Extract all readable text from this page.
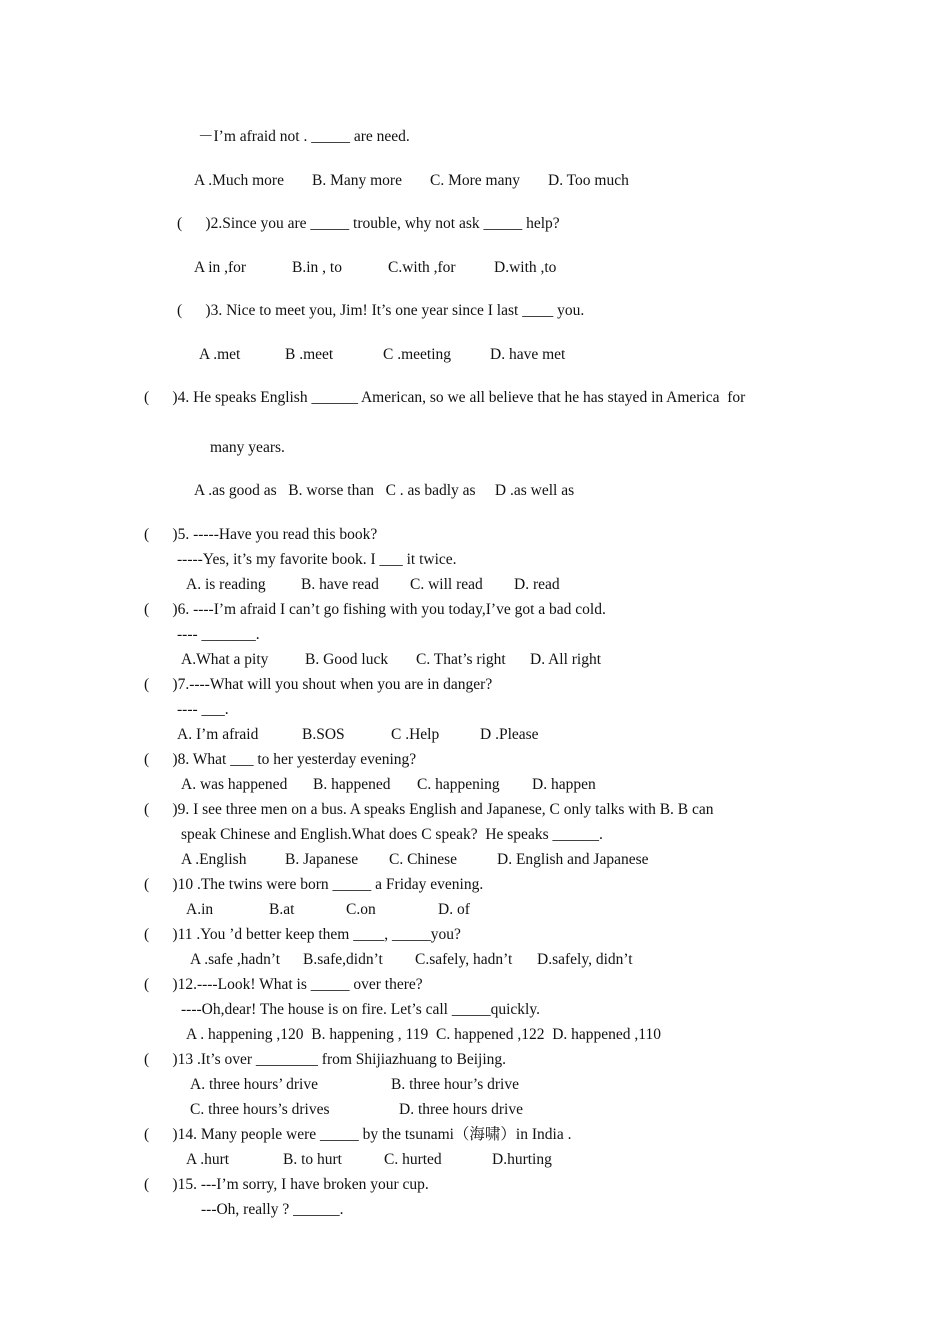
－I’m afraid not . _____ are need.
A .Much more B. Many more C. More many D. Too much
(      )2.Since you are _____ trouble, why not ask _____ help?
A in ,for	B.in , to	C.with ,for D.with ,to
(      )3. Nice to meet you, Jim! It’s one year since I last ____ you.
A .met	B .meet	C .meeting	D. have met
(      )4. He speaks English ______ American, so we all believe that he has stayed in America  for
many years.
A .as good as   B. worse than   C . as badly as     D .as well as
(      )5. -----Have you read this book?
-----Yes, it’s my favorite book. I ___ it twice.
A. is reading B. have read C. will read D. read
(      )6. ----I’m afraid I can’t go fishing with you today,I’ve got a bad cold.
---- _______.
A.What a pity B. Good luck C. That’s right D. All right
(      )7.----What will you shout when you are in danger?
---- ___.
A. I’m afraid	B.SOS	C .Help	D .Please
(      )8. What ___ to her yesterday evening?
A. was happened B. happened C. happening D. happen
(      )9. I see three men on a bus. A speaks English and Japanese, C only talks with B. B can
speak Chinese and English.What does C speak?  He speaks ______.
A .English B. Japanese C. Chinese	D. English and Japanese
(      )10 .The twins were born _____ a Friday evening.
A.in	B.at	C.on	D. of
(      )11 .You ’d better keep them ____, _____you?
A .safe ,hadn’t B.safe,didn’t C.safely, hadn’t D.safely, didn’t
(      )12.----Look! What is _____ over there?
----Oh,dear! The house is on fire. Let’s call _____quickly.
A . happening ,120  B. happening , 119  C. happened ,122  D. happened ,110
(      )13 .It’s over ________ from Shijiazhuang to Beijing.
A. three hours’ drive	B. three hour’s drive
C. three hours’s drives	D. three hours drive
(      )14. Many people were _____ by the tsunami（海啸）in India .
A .hurt	B. to hurt	C. hurted	D.hurting
(      )15. ---I’m sorry, I have broken your cup.
---Oh, really ? ______.
